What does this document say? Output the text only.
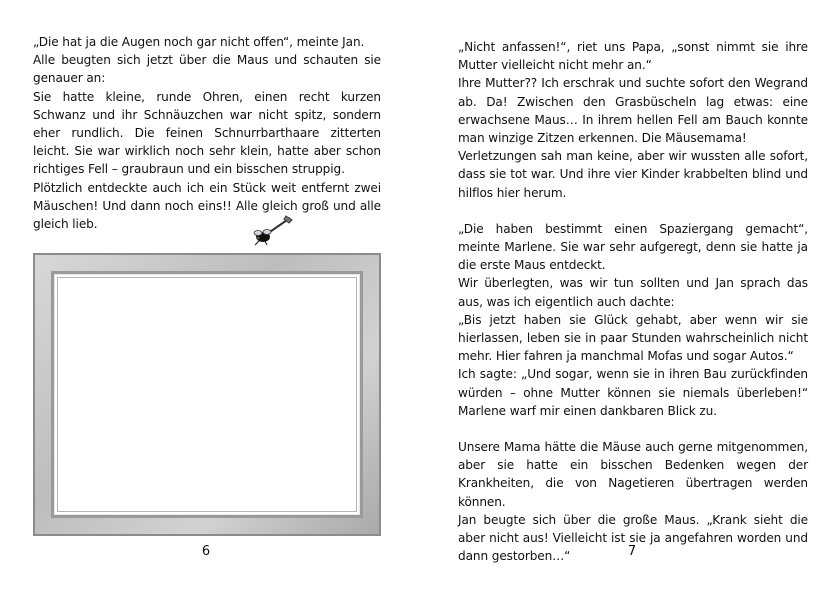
„Die hat ja die Augen noch gar nicht offen“, meinte Jan.

Alle beugten sich jetzt über die Maus und schauten sie genauer an:

Sie hatte kleine, runde Ohren, einen recht kurzen Schwanz und ihr Schnäuzchen war nicht spitz, sondern eher rundlich. Die feinen Schnurrbarthaare zitterten leicht. Sie war wirklich noch sehr klein, hatte aber schon richtiges Fell – graubraun und ein bisschen struppig.

Plötzlich entdeckte auch ich ein Stück weit entfernt zwei Mäuschen! Und dann noch eins!! Alle gleich groß und alle gleich lieb.

6

„Nicht anfassen!“, riet uns Papa, „sonst nimmt sie ihre Mutter vielleicht nicht mehr an.“

Ihre Mutter?? Ich erschrak und suchte sofort den Wegrand ab. Da! Zwischen den Grasbüscheln lag etwas: eine erwachsene Maus… In ihrem hellen Fell am Bauch konnte man winzige Zitzen erkennen. Die Mäusemama!

Verletzungen sah man keine, aber wir wussten alle sofort, dass sie tot war. Und ihre vier Kinder krabbelten blind und hilflos hier herum.

„Die haben bestimmt einen Spaziergang gemacht“, meinte Marlene. Sie war sehr aufgeregt, denn sie hatte ja die erste Maus entdeckt.

Wir überlegten, was wir tun sollten und Jan sprach das aus, was ich eigentlich auch dachte:

„Bis jetzt haben sie Glück gehabt, aber wenn wir sie hierlassen, leben sie in paar Stunden wahrscheinlich nicht mehr. Hier fahren ja manchmal Mofas und sogar Autos.“

Ich sagte: „Und sogar, wenn sie in ihren Bau zurückfinden würden – ohne Mutter können sie niemals überleben!“ Marlene warf mir einen dankbaren Blick zu.

Unsere Mama hätte die Mäuse auch gerne mitgenommen, aber sie hatte ein bisschen Bedenken wegen der Krankheiten, die von Nagetieren übertragen werden können.

Jan beugte sich über die große Maus. „Krank sieht die aber nicht aus! Vielleicht ist sie ja angefahren worden und dann gestorben…“	7
